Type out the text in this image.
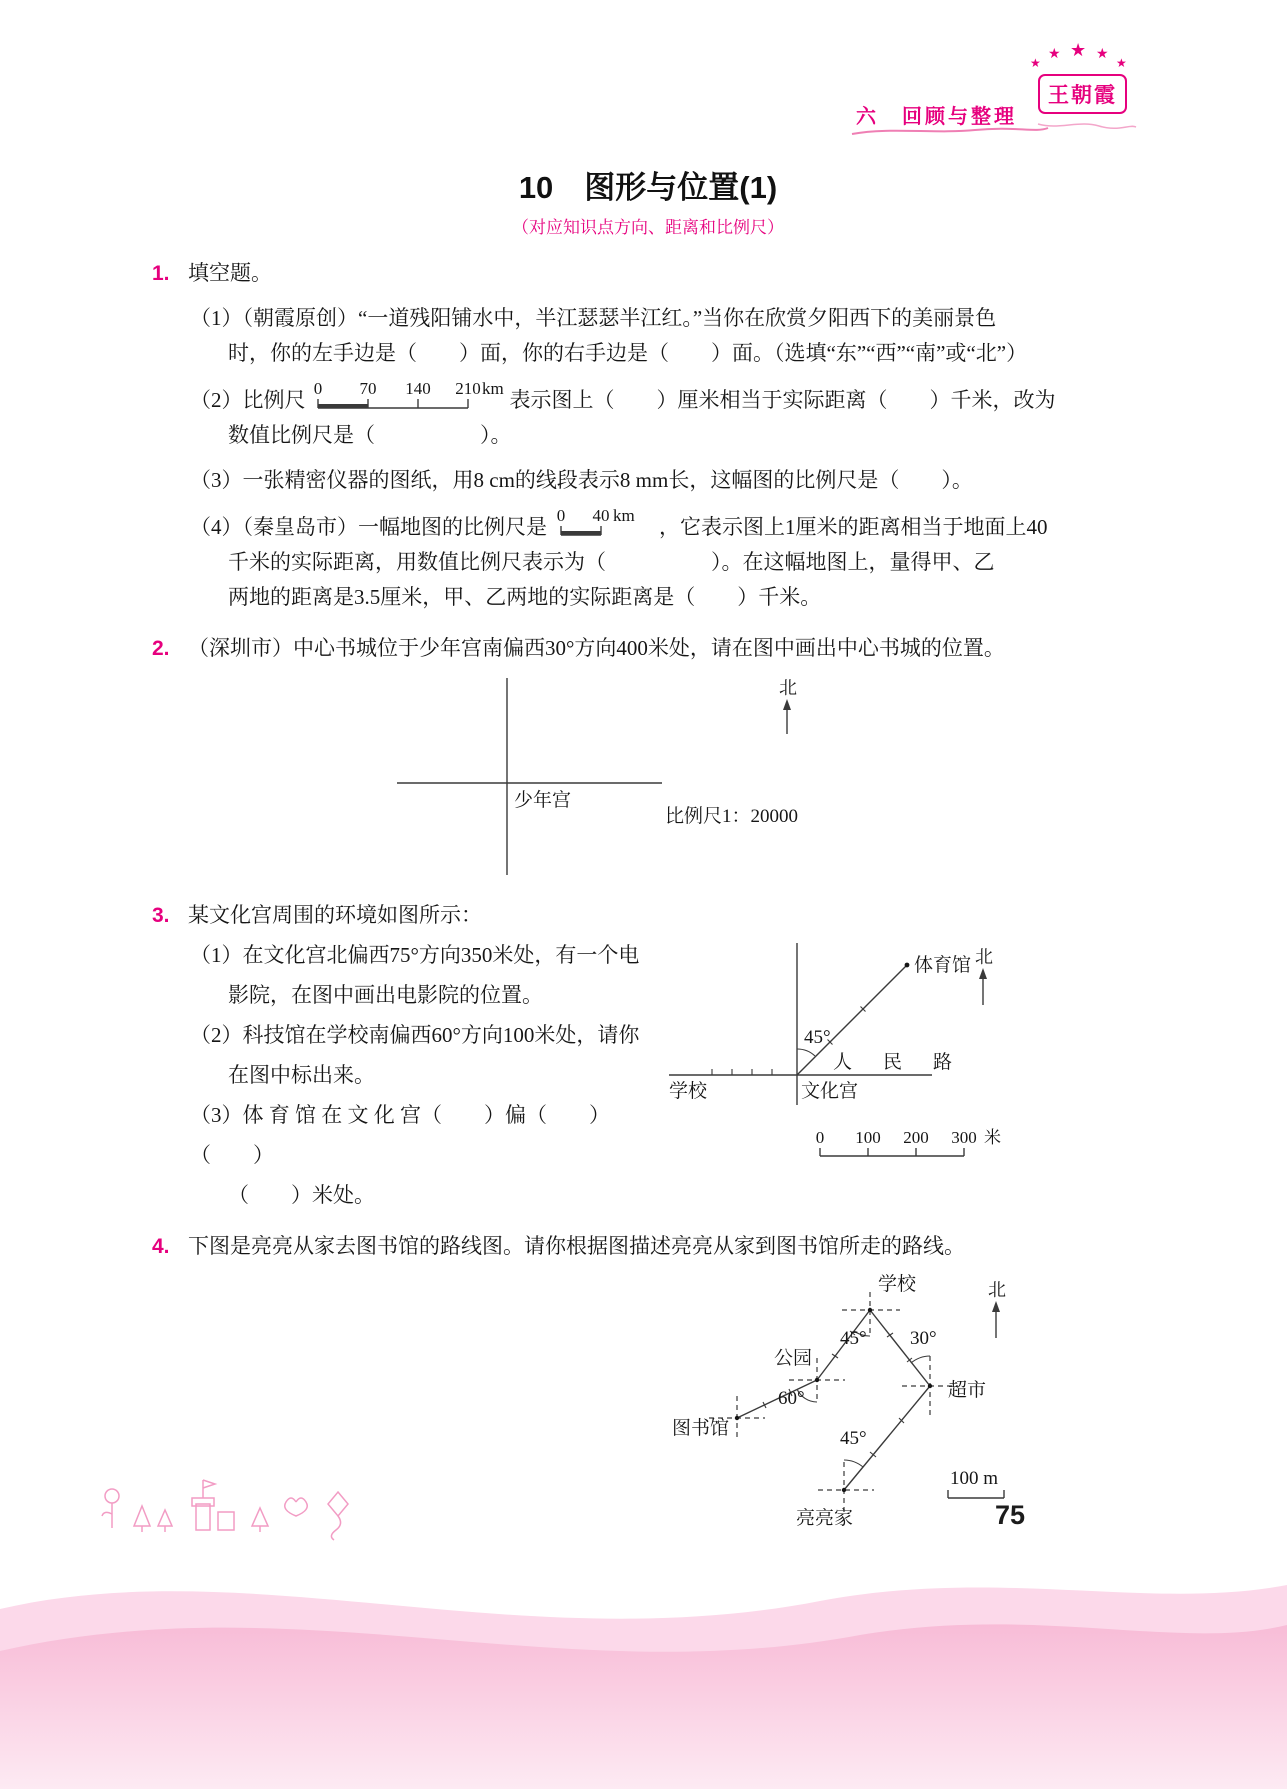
六　回顾与整理
★
★ ★ ★
★
王朝霞
10　图形与位置(1)
（对应知识点方向、距离和比例尺）
1. 填空题。
（1）（朝霞原创）“一道残阳铺水中，半江瑟瑟半江红。”当你在欣赏夕阳西下的美丽景色
时，你的左手边是（　　）面，你的右手边是（　　）面。（选填“东”“西”“南”或“北”）
（2）比例尺 0 70 140 210 km 表示图上（　　）厘米相当于实际距离（　　）千米，改为
数值比例尺是（　　　　　）。
（3）一张精密仪器的图纸，用8 cm的线段表示8 mm长，这幅图的比例尺是（　　）。
（4）（秦皇岛市）一幅地图的比例尺是 0 40 km ，它表示图上1厘米的距离相当于地面上40
千米的实际距离，用数值比例尺表示为（　　　　　）。在这幅地图上，量得甲、乙
两地的距离是3.5厘米，甲、乙两地的实际距离是（　　）千米。
2. （深圳市）中心书城位于少年宫南偏西30°方向400米处，请在图中画出中心书城的位置。
少年宫
北
比例尺1：20000
3. 某文化宫周围的环境如图所示：
（1）在文化宫北偏西75°方向350米处，有一个电
影院，在图中画出电影院的位置。
（2）科技馆在学校南偏西60°方向100米处，请你
在图中标出来。
（3）体 育 馆 在 文 化 宫（　　）偏（　　）（　　）
（　　）米处。
体育馆
45°
人　民　路
学校	文化宫
北
0 100 200 300 米
4. 下图是亮亮从家去图书馆的路线图。请你根据图描述亮亮从家到图书馆所走的路线。
学校
45° 30°
公园
60°
图书馆
超市
45°
亮亮家
北
100 m
75
